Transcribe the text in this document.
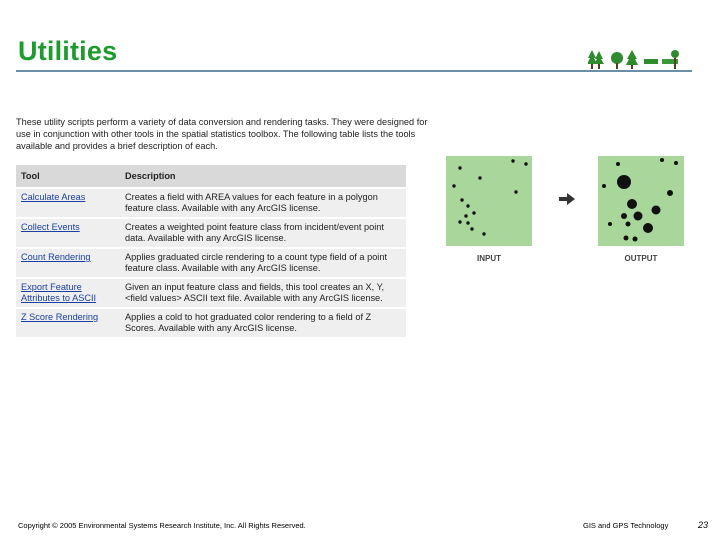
Utilities
These utility scripts perform a variety of data conversion and rendering tasks. They were designed for use in conjunction with other tools in the spatial statistics toolbox. The following table lists the tools available and provides a brief description of each.
Tool	Description
Calculate Areas	Creates a field with AREA values for each feature in a polygon feature class. Available with any ArcGIS license.
Collect Events	Creates a weighted point feature class from incident/event point data. Available with any ArcGIS license.
Count Rendering	Applies graduated circle rendering to a count type field of a point feature class. Available with any ArcGIS license.
Export Feature Attributes to ASCII	Given an input feature class and fields, this tool creates an X, Y, <field values> ASCII text file. Available with any ArcGIS license.
Z Score Rendering	Applies a cold to hot graduated color rendering to a field of Z Scores. Available with any ArcGIS license.
INPUT	OUTPUT
Copyright © 2005 Environmental Systems Research Institute, Inc. All Rights Reserved.	GIS and GPS Technology	23
